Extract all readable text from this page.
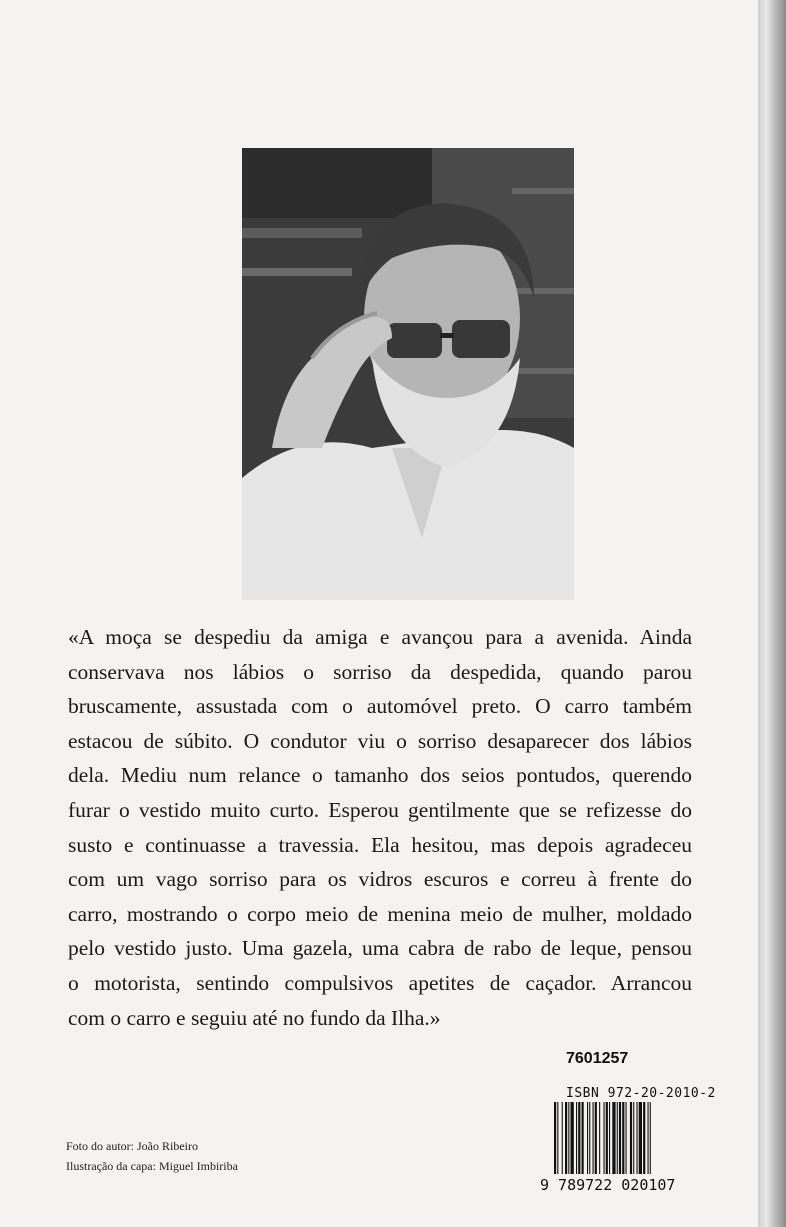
«A moça se despediu da amiga e avançou para a avenida. Ainda
conservava nos lábios o sorriso da despedida, quando parou
bruscamente, assustada com o automóvel preto. O carro também
estacou de súbito. O condutor viu o sorriso desaparecer dos lábios
dela. Mediu num relance o tamanho dos seios pontudos, querendo
furar o vestido muito curto. Esperou gentilmente que se refizesse do
susto e continuasse a travessia. Ela hesitou, mas depois agradeceu
com um vago sorriso para os vidros escuros e correu à frente do
carro, mostrando o corpo meio de menina meio de mulher, moldado
pelo vestido justo. Uma gazela, uma cabra de rabo de leque, pensou
o motorista, sentindo compulsivos apetites de caçador. Arrancou
com o carro e seguiu até no fundo da Ilha.»

7601257
ISBN 972-20-2010-2
9 789722 020107
Foto do autor: João Ribeiro
Ilustração da capa: Miguel Imbiriba
